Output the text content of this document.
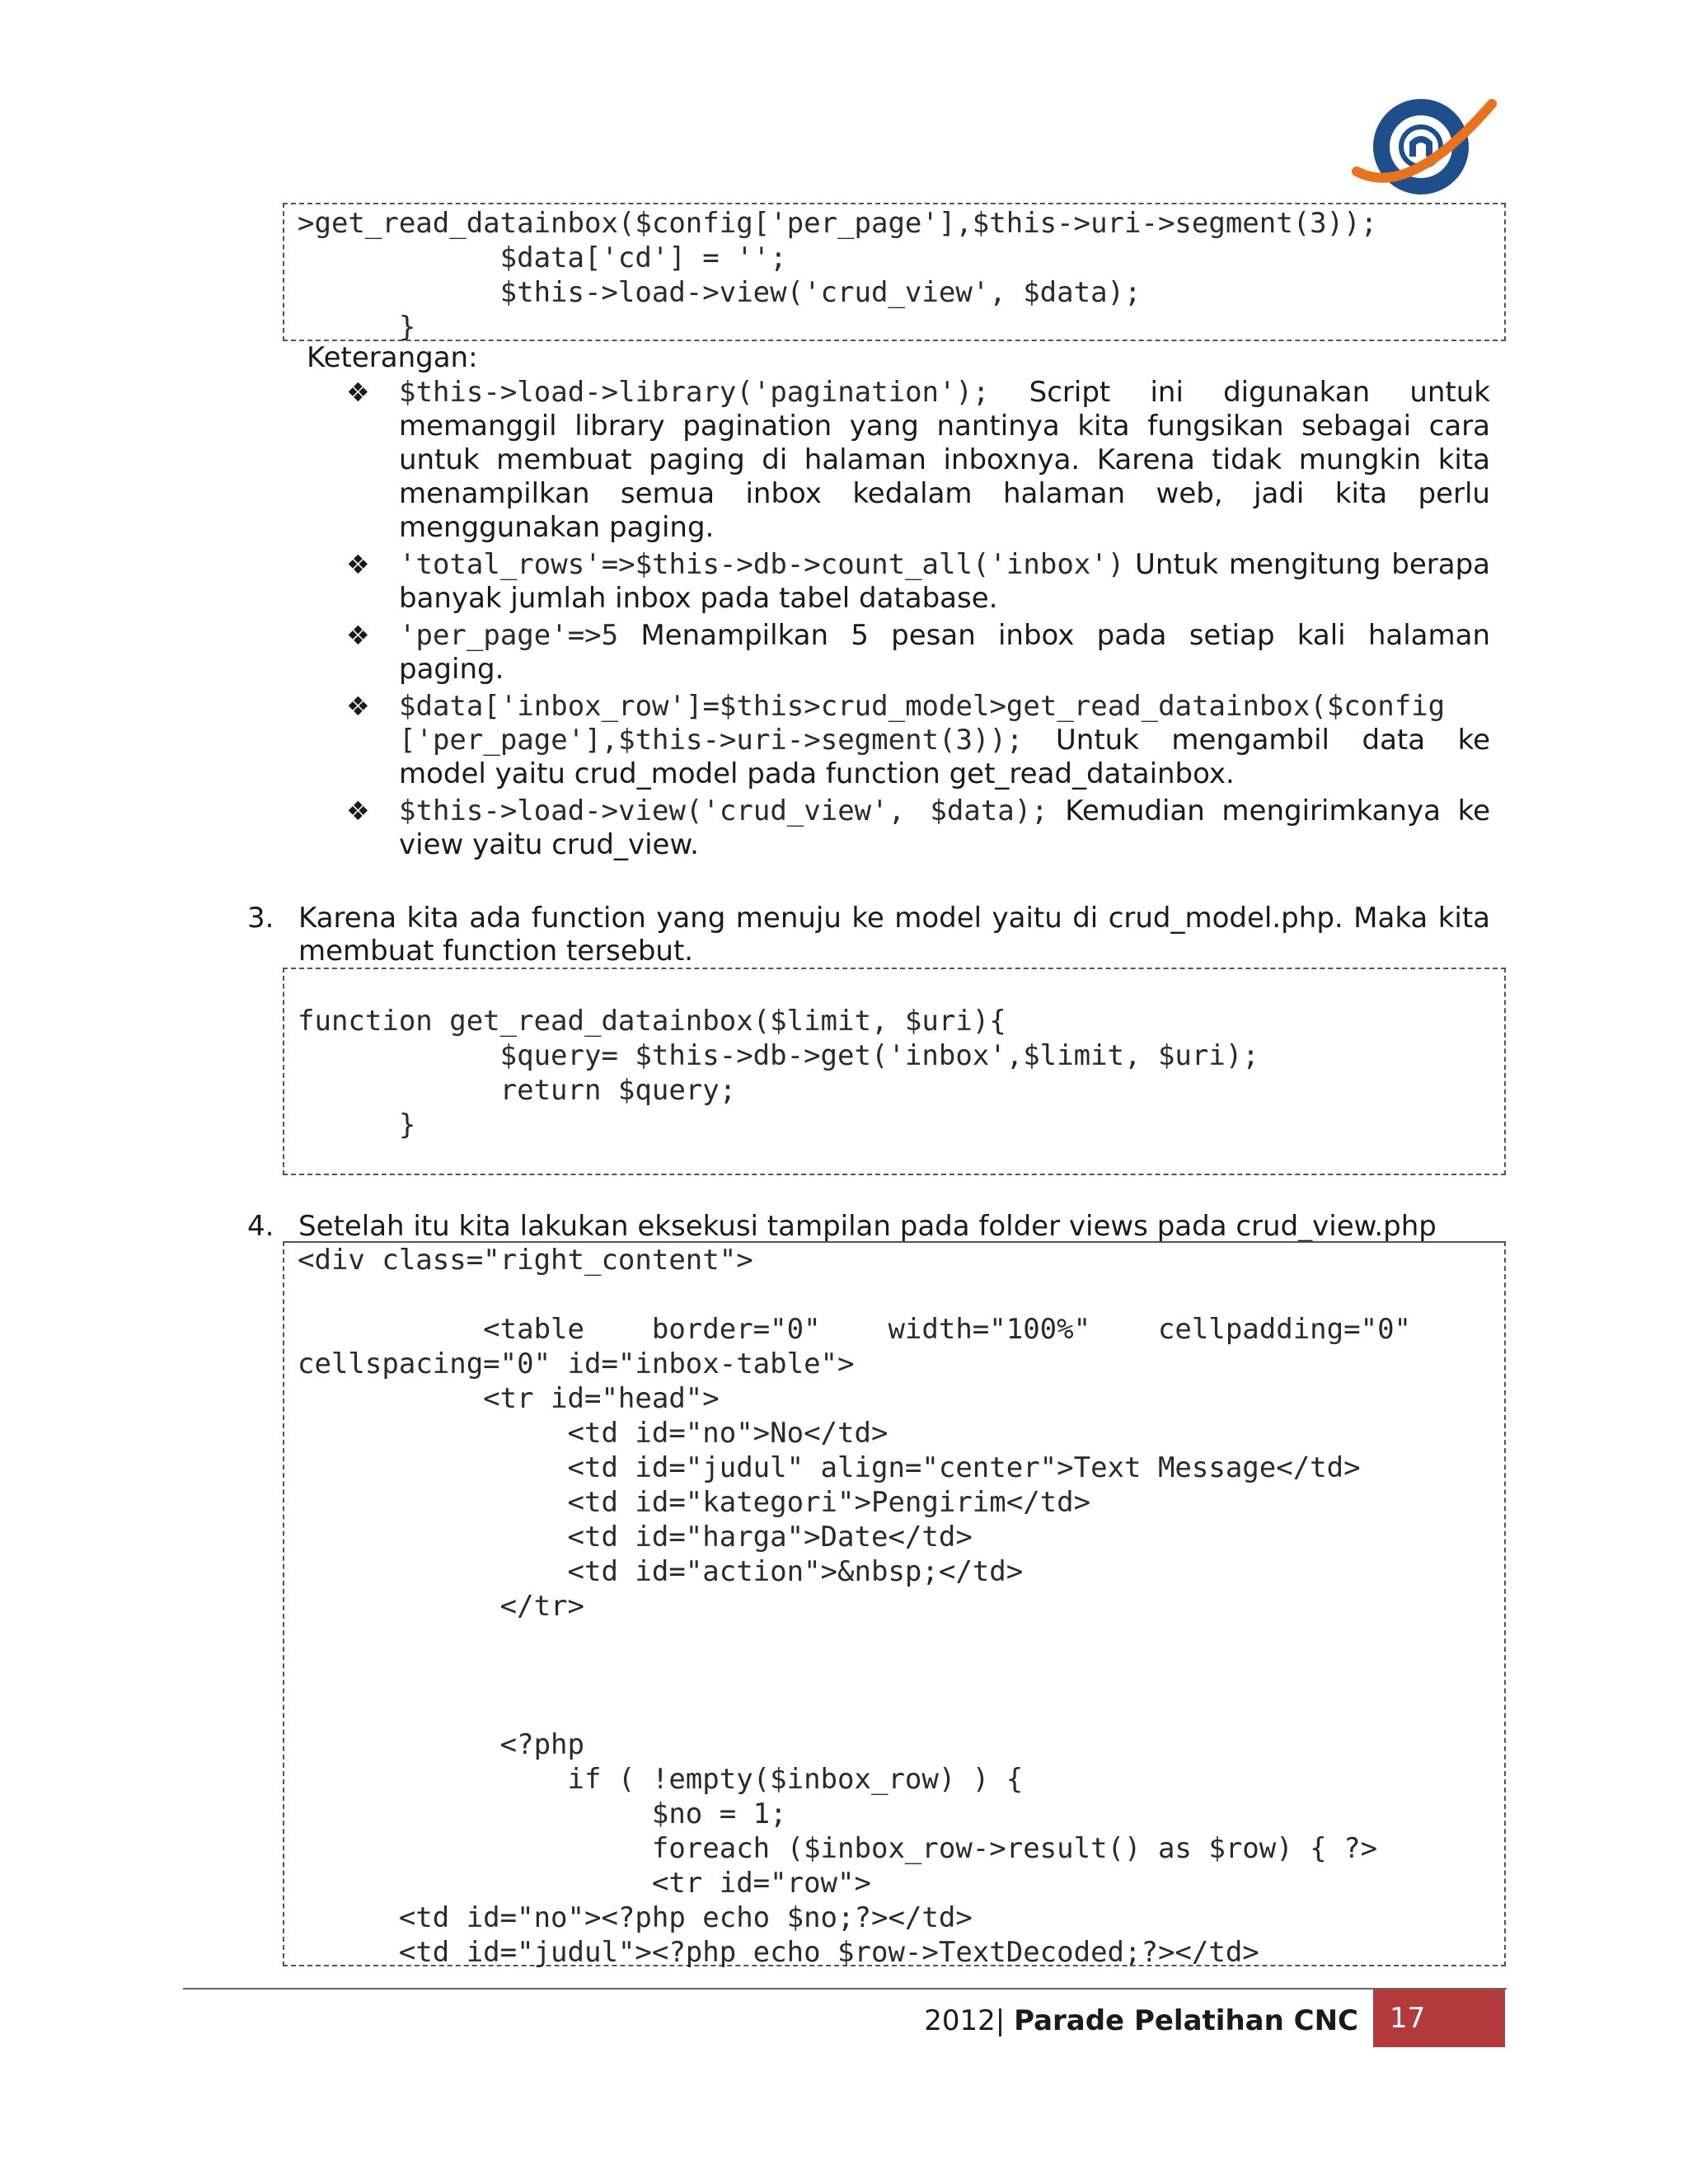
>get_read_datainbox($config['per_page'],$this->uri->segment(3));
$data['cd'] = '';
$this->load->view('crud_view', $data);
}
Keterangan:
❖ $this->load->library('pagination'); Script ini digunakan untuk memanggil library pagination yang nantinya kita fungsikan sebagai cara untuk membuat paging di halaman inboxnya. Karena tidak mungkin kita menampilkan semua inbox kedalam halaman web, jadi kita perlu menggunakan paging.
❖ 'total_rows'=>$this->db->count_all('inbox') Untuk mengitung berapa banyak jumlah inbox pada tabel database.
❖ 'per_page'=>5 Menampilkan 5 pesan inbox pada setiap kali halaman paging.
❖ $data['inbox_row']=$this>crud_model>get_read_datainbox($config['per_page'],$this->uri->segment(3)); Untuk mengambil data ke model yaitu crud_model pada function get_read_datainbox.
❖ $this->load->view('crud_view', $data); Kemudian mengirimkanya ke view yaitu crud_view.
3. Karena kita ada function yang menuju ke model yaitu di crud_model.php. Maka kita membuat function tersebut.
function get_read_datainbox($limit, $uri){
$query= $this->db->get('inbox',$limit, $uri);
return $query;
}
4. Setelah itu kita lakukan eksekusi tampilan pada folder views pada crud_view.php
<div class="right_content">
<table    border="0"    width="100%"    cellpadding="0"
cellspacing="0" id="inbox-table">
<tr id="head">
<td id="no">No</td>
<td id="judul" align="center">Text Message</td>
<td id="kategori">Pengirim</td>
<td id="harga">Date</td>
<td id="action">&nbsp;</td>
</tr>
<?php
if ( !empty($inbox_row) ) {
$no = 1;
foreach ($inbox_row->result() as $row) { ?>
<tr id="row">
<td id="no"><?php echo $no;?></td>
<td id="judul"><?php echo $row->TextDecoded;?></td>
2012| Parade Pelatihan CNC	17
